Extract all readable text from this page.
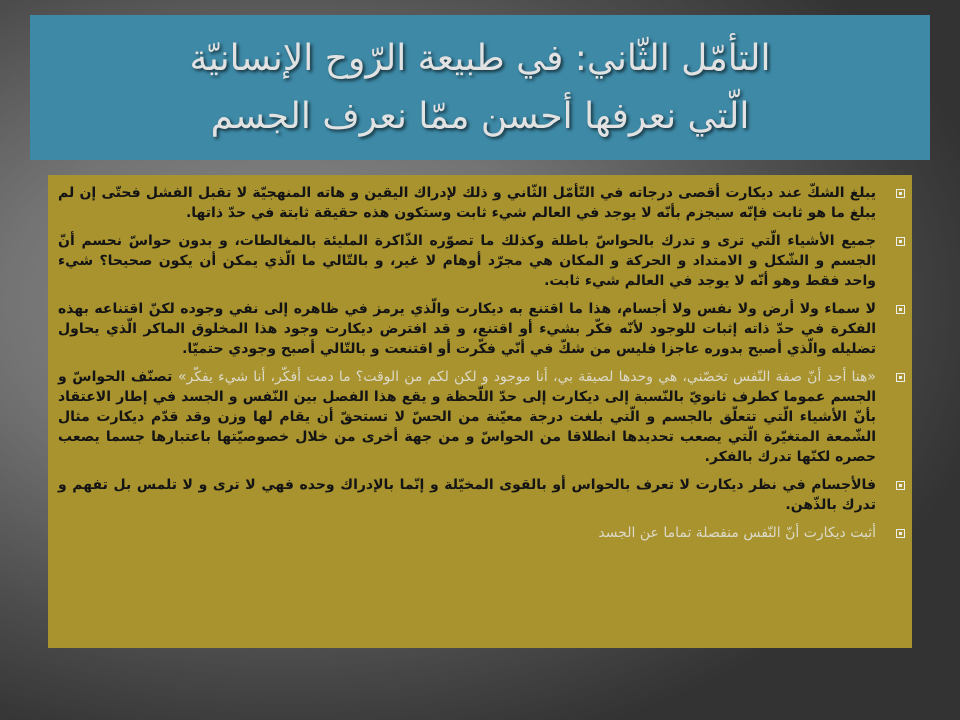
التأمّل الثّاني: في طبيعة الرّوح الإنسانيّة
الّتي نعرفها أحسن ممّا نعرف الجسم
يبلغ الشكّ عند ديكارت أقصى درجاته في التّأمّل الثّاني و ذلك لإدراك اليقين و هاته المنهجيّة لا تقبل الفشل فحتّى إن لم يبلغ ما هو ثابت فإنّه سيجزم بأنّه لا يوجد في العالم شيء ثابت وستكون هذه حقيقة ثابتة في حدّ ذاتها.
جميع الأشياء الّتي ترى و تدرك بالحواسّ باطلة وكذلك ما تصوّره الذّاكرة المليئة بالمغالطات، و بدون حواسّ نحسم أنّ الجسم و الشّكل و الامتداد و الحركة و المكان هي مجرّد أوهام لا غير، و بالتّالي ما الّذي يمكن أن يكون صحيحا؟ شيء واحد فقط وهو أنّه لا يوجد في العالم شيء ثابت.
لا سماء ولا أرض ولا نفس ولا أجسام، هذا ما اقتنع به ديكارت والّذي يرمز في ظاهره إلى نفي وجوده لكنّ اقتناعه بهذه الفكرة في حدّ ذاته إثبات للوجود لأنّه فكّر بشيء أو اقتنع، و قد افترض ديكارت وجود هذا المخلوق الماكر الّذي يحاول تضليله والّذي أصبح بدوره عاجزا فليس من شكّ في أنّي فكّرت أو اقتنعت و بالتّالي أصبح وجودي حتميّا.
«هنا أجد أنّ صفة النّفس تخصّني، هي وحدها لصيقة بي، أنا موجود و لكن لكم من الوقت؟ ما دمت أفكّر، أنا شيء يفكّر» تصنّف الحواسّ و الجسم عموما كطرف ثانويّ بالنّسبة إلى ديكارت إلى حدّ اللّحظة و يقع هذا الفصل بين النّفس و الجسد في إطار الاعتقاد بأنّ الأشياء الّتي تتعلّق بالجسم و الّتي بلغت درجة معيّنة من الحسّ لا تستحقّ أن يقام لها وزن وقد قدّم ديكارت مثال الشّمعة المتغيّرة الّتي يصعب تحديدها انطلاقا من الحواسّ و من جهة أخرى من خلال خصوصيّتها باعتبارها جسما يصعب حصره لكنّها تدرك بالفكر.
فالأجسام في نظر ديكارت لا تعرف بالحواس أو بالقوى المخيّلة و إنّما بالإدراك وحده فهي لا ترى و لا تلمس بل تفهم و تدرك بالذّهن.
أثبت ديكارت أنّ النّفس منفصلة تماما عن الجسد
